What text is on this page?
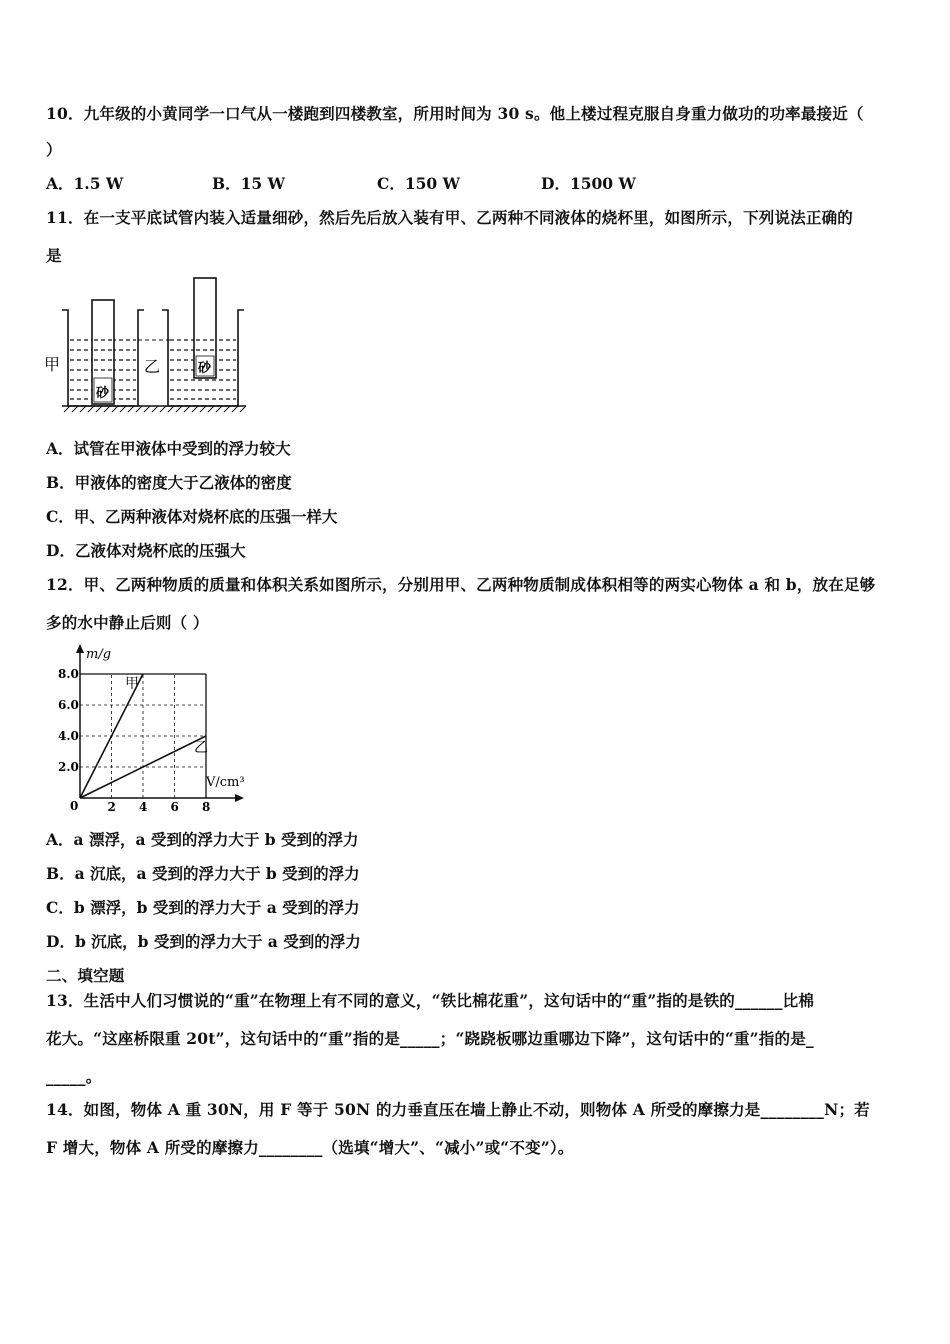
10．九年级的小黄同学一口气从一楼跑到四楼教室，所用时间为 30 s。他上楼过程克服自身重力做功的功率最接近（
）
A．1.5 W	B．15 W	C．150 W	D．1500 W
11．在一支平底试管内装入适量细砂，然后先后放入装有甲、乙两种不同液体的烧杯里，如图所示，下列说法正确的
是
砂
砂
甲	乙
A．试管在甲液体中受到的浮力较大
B．甲液体的密度大于乙液体的密度
C．甲、乙两种液体对烧杯底的压强一样大
D．乙液体对烧杯底的压强大
12．甲、乙两种物质的质量和体积关系如图所示，分别用甲、乙两种物质制成体积相等的两实心物体 a 和 b，放在足够
多的水中静止后则（ ）
m/g
V/cm³
0 2 4 6 8
2.0
4.0
6.0
8.0
甲
乙
A．a 漂浮，a 受到的浮力大于 b 受到的浮力
B．a 沉底，a 受到的浮力大于 b 受到的浮力
C．b 漂浮，b 受到的浮力大于 a 受到的浮力
D．b 沉底，b 受到的浮力大于 a 受到的浮力
二、填空题
13．生活中人们习惯说的“重”在物理上有不同的意义，“铁比棉花重”，这句话中的“重”指的是铁的______比棉
花大。“这座桥限重 20t”，这句话中的“重”指的是_____；“跷跷板哪边重哪边下降”，这句话中的“重”指的是_
_____。
14．如图，物体 A 重 30N，用 F 等于 50N 的力垂直压在墙上静止不动，则物体 A 所受的摩擦力是________N；若
F 增大，物体 A 所受的摩擦力________（选填“增大”、“减小”或“不变”）。
